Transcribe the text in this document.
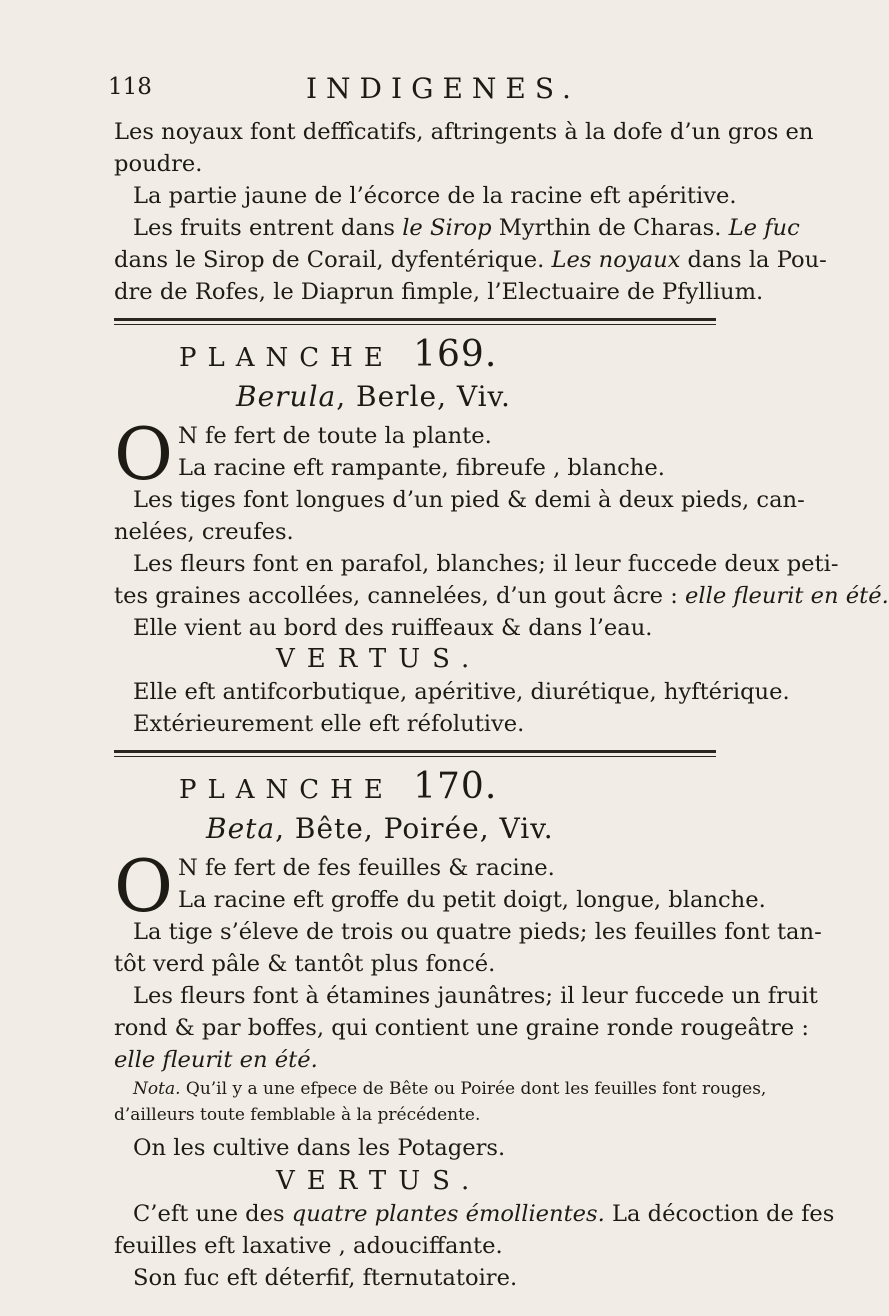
118	INDIGENES.
Les noyaux font deffîcatifs, aftringents à la dofe d’un gros en
poudre.
La partie jaune de l’écorce de la racine eft apéritive.
Les fruits entrent dans le Sirop Myrthin de Charas. Le fuc
dans le Sirop de Corail, dyfentérique. Les noyaux dans la Pou-
dre de Rofes, le Diaprun fimple, l’Electuaire de Pfyllium.
PLANCHE 169.
Berula, Berle, Viv.
O N fe fert de toute la plante.
La racine eft rampante, fibreufe , blanche.
Les tiges font longues d’un pied & demi à deux pieds, can-
nelées, creufes.
Les fleurs font en parafol, blanches; il leur fuccede deux peti-
tes graines accollées, cannelées, d’un gout âcre : elle fleurit en été.
Elle vient au bord des ruiffeaux & dans l’eau.
VERTUS.
Elle eft antifcorbutique, apéritive, diurétique, hyftérique.
Extérieurement elle eft réfolutive.
PLANCHE 170.
Beta, Bête, Poirée, Viv.
O N fe fert de fes feuilles & racine.
La racine eft groffe du petit doigt, longue, blanche.
La tige s’éleve de trois ou quatre pieds; les feuilles font tan-
tôt verd pâle & tantôt plus foncé.
Les fleurs font à étamines jaunâtres; il leur fuccede un fruit
rond & par boffes, qui contient une graine ronde rougeâtre :
elle fleurit en été.
Nota. Qu’il y a une efpece de Bête ou Poirée dont les feuilles font rouges,
d’ailleurs toute femblable à la précédente.
On les cultive dans les Potagers.
VERTUS.
C’eft une des quatre plantes émollientes. La décoction de fes
feuilles eft laxative , adouciffante.
Son fuc eft déterfif, fternutatoire.
